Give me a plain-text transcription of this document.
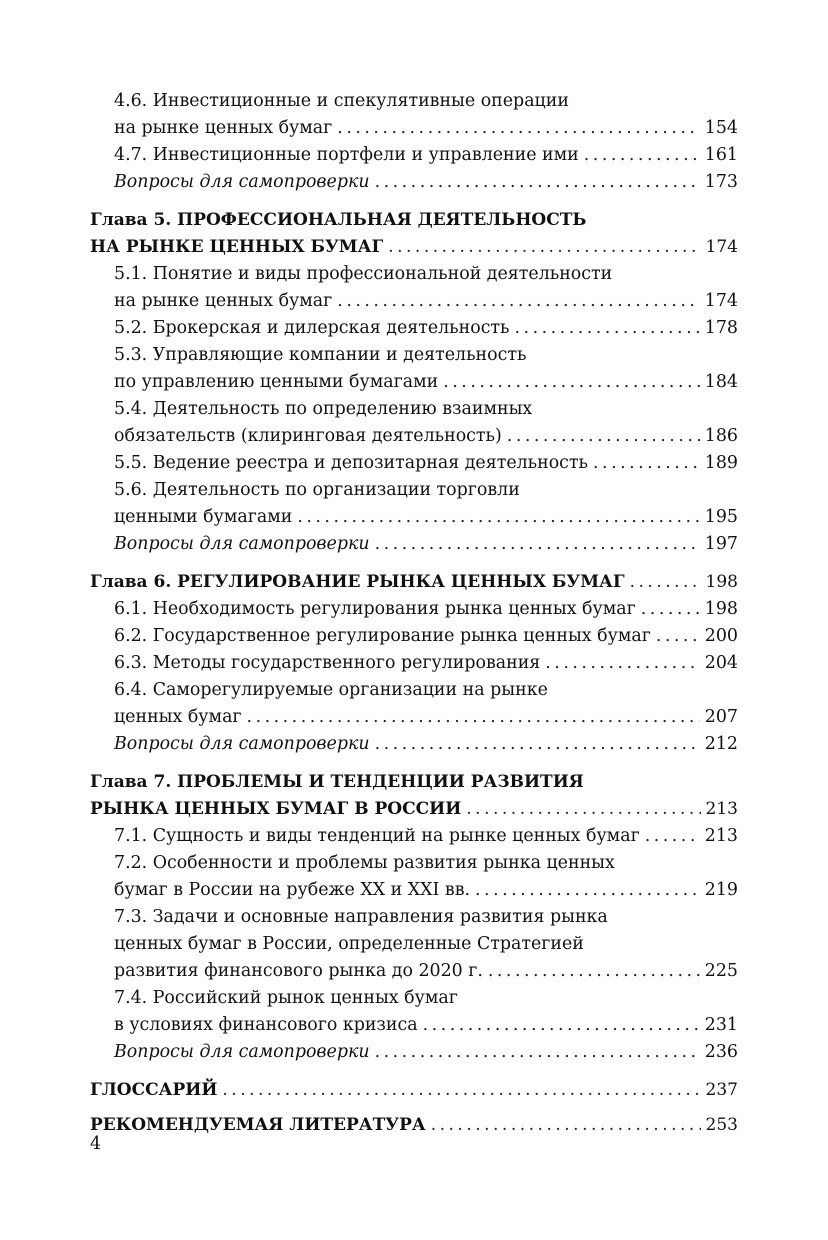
4.6. Инвестиционные и спекулятивные операции
на рынке ценных бумаг .....	154
4.7. Инвестиционные портфели и управление ими .....	161
Вопросы для самопроверки .....	173
Глава 5. ПРОФЕССИОНАЛЬНАЯ ДЕЯТЕЛЬНОСТЬ
НА РЫНКЕ ЦЕННЫХ БУМАГ .....	174
5.1. Понятие и виды профессиональной деятельности
на рынке ценных бумаг .....	174
5.2. Брокерская и дилерская деятельность .....	178
5.3. Управляющие компании и деятельность
по управлению ценными бумагами .....	184
5.4. Деятельность по определению взаимных
обязательств (клиринговая деятельность) .....	186
5.5. Ведение реестра и депозитарная деятельность .....	189
5.6. Деятельность по организации торговли
ценными бумагами .....	195
Вопросы для самопроверки .....	197
Глава 6. РЕГУЛИРОВАНИЕ РЫНКА ЦЕННЫХ БУМАГ .....	198
6.1. Необходимость регулирования рынка ценных бумаг .....	198
6.2. Государственное регулирование рынка ценных бумаг .....	200
6.3. Методы государственного регулирования .....	204
6.4. Саморегулируемые организации на рынке
ценных бумаг .....	207
Вопросы для самопроверки .....	212
Глава 7. ПРОБЛЕМЫ И ТЕНДЕНЦИИ РАЗВИТИЯ
РЫНКА ЦЕННЫХ БУМАГ В РОССИИ .....	213
7.1. Сущность и виды тенденций на рынке ценных бумаг .....	213
7.2. Особенности и проблемы развития рынка ценных
бумаг в России на рубеже XX и XXI вв. .....	219
7.3. Задачи и основные направления развития рынка
ценных бумаг в России, определенные Стратегией
развития финансового рынка до 2020 г. .....	225
7.4. Российский рынок ценных бумаг
в условиях финансового кризиса .....	231
Вопросы для самопроверки .....	236
ГЛОССАРИЙ .....	237
РЕКОМЕНДУЕМАЯ ЛИТЕРАТУРА .....	253
4
